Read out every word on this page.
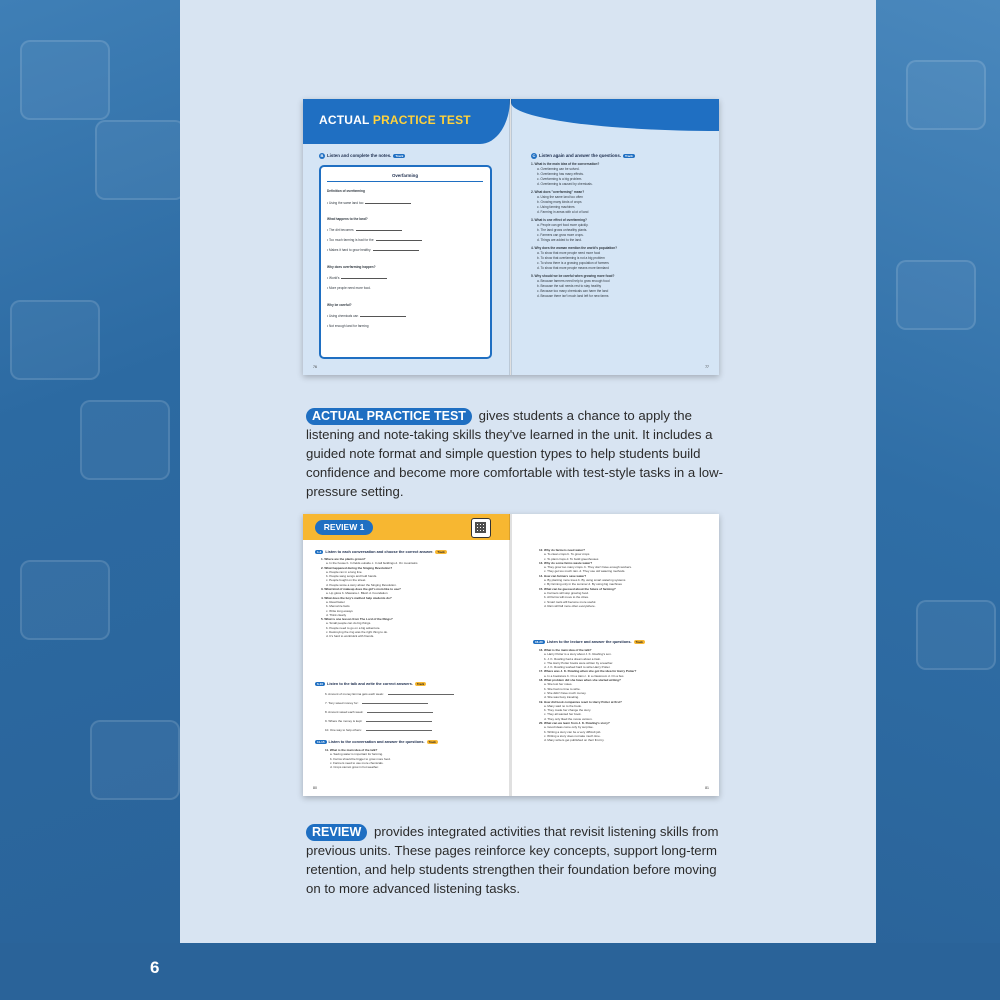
6
B Listen and complete the notes. Track
Overfarming
Definition of overfarming
• Using the same land too
What happens to the land?
• The dirt becomes
• Too much farming is bad for the
• Makes it hard to grow healthy
Why does overfarming happen?
• World's
• More people need more food.
Why be careful?
• Using chemicals can
• Not enough land for farming
76
C Listen again and answer the questions. Track
1. What is the main idea of the conversation?
a. Overfarming can be solved.
b. Overfarming has many effects.
c. Overfarming is a big problem.
d. Overfarming is caused by chemicals.
2. What does "overfarming" mean?
a. Using the same land too often
b. Growing many kinds of crops
c. Using farming machines
d. Farming in areas with a lot of land
3. What is one effect of overfarming?
a. People can get food more quickly.
b. The land grows unhealthy plants.
c. Farmers can grow more crops.
d. Things are added to the land.
4. Why does the woman mention the world's population?
a. To show that more people need more food
b. To show that overfarming is not a big problem
c. To show there is a growing population of farmers
d. To show that more people means more farmland
5. Why should we be careful when growing more food?
a. Because farmers need help to grow enough food
b. Because the soil needs rest to stay healthy
c. Because too many chemicals can harm the land
d. Because there isn't much land left for new farms
77
ACTUAL PRACTICE TEST
ACTUAL PRACTICE TEST gives students a chance to apply the listening and note-taking skills they've learned in the unit. It includes a guided note format and simple question types to help students build confidence and become more comfortable with test-style tasks in a low-pressure setting.
REVIEW 1
1-3 Listen to each conversation and choose the correct answer. Track
1. Where are the plants grown?
a. In the house b. In fields outside c. In tall buildings d. On mountains
2. What happened during the Singing Revolution?
a. People ran in a long line.
b. People sang songs and held hands.
c. People fought on the street.
d. People wrote a story about the Singing Revolution.
3. What kind of makeup does the girl's mom like to use?
a. Lip gloss b. Mascara c. Blush d. Foundation
4. What does the boy's method help students do?
a. Read faster
b. Memorize facts
c. Write long essays
d. Think clearly
5. What is one lesson from The Lord of the Rings?
a. Small people can do big things.
b. People need to go on a big adventure.
c. Destroying the ring was the right thing to do.
d. It's hard to work/stick with friends.
6-10 Listen to the talk and write the correct answers. Track
6. Amount of money Emma gets each week:
7. Tony saved money for:
8. Amount saved each week:
9. Where the money is kept:
10. One way to help others:
11-15 Listen to the conversation and answer the questions. Track
11. What is the main idea of the talk?
a. Saving water is important for farming.
b. Farms should be bigger to grow more food.
c. Farmers need to use more chemicals.
d. Crops cannot grow in hot weather.
80
12. Why do farmers need water?
a. To clean crops b. To grow crops
c. To plant crops d. To build greenhouses
13. Why do some farms waste water?
a. They grow too many crops. b. They don't have enough workers.
c. They get too much rain. d. They use old watering methods.
14. How can farmers save water?
a. By planting more trees b. By using smart watering systems
c. By farming only in the summer d. By using big machines
15. What can be guessed about the future of farming?
a. Farmers will stop growing food.
b. All farms will move to the cities.
c. Smart tools will become more useful.
d. Rain will fall more often everywhere.
16-20 Listen to the lecture and answer the questions. Track
16. What is the main idea of the talk?
a. Harry Potter is a story about J. K. Rowling's son.
b. J. K. Rowling had a dream about a train.
c. The Harry Potter books were written by a teacher.
d. J. K. Rowling worked hard to write Harry Potter.
17. Where was J. K. Rowling when she got the idea for Harry Potter?
a. In a bookstore b. On a train c. In a classroom d. On a bus
18. What problem did she have when she started writing?
a. She lost her notes.
b. She had no time to write.
c. She didn't have much money.
d. She was busy traveling.
19. How did book companies react to Harry Potter at first?
a. Many said no to the book.
b. They made her change the story.
c. They all wanted her book.
d. They only liked the movie version.
20. What can we learn from J. K. Rowling's story?
a. Good ideas come only by surprise.
b. Writing a story can be a very difficult job.
c. Writing a story does not take much time.
d. Many writers get published on their first try.
81
REVIEW provides integrated activities that revisit listening skills from previous units. These pages reinforce key concepts, support long-term retention, and help students strengthen their foundation before moving on to more advanced listening tasks.
